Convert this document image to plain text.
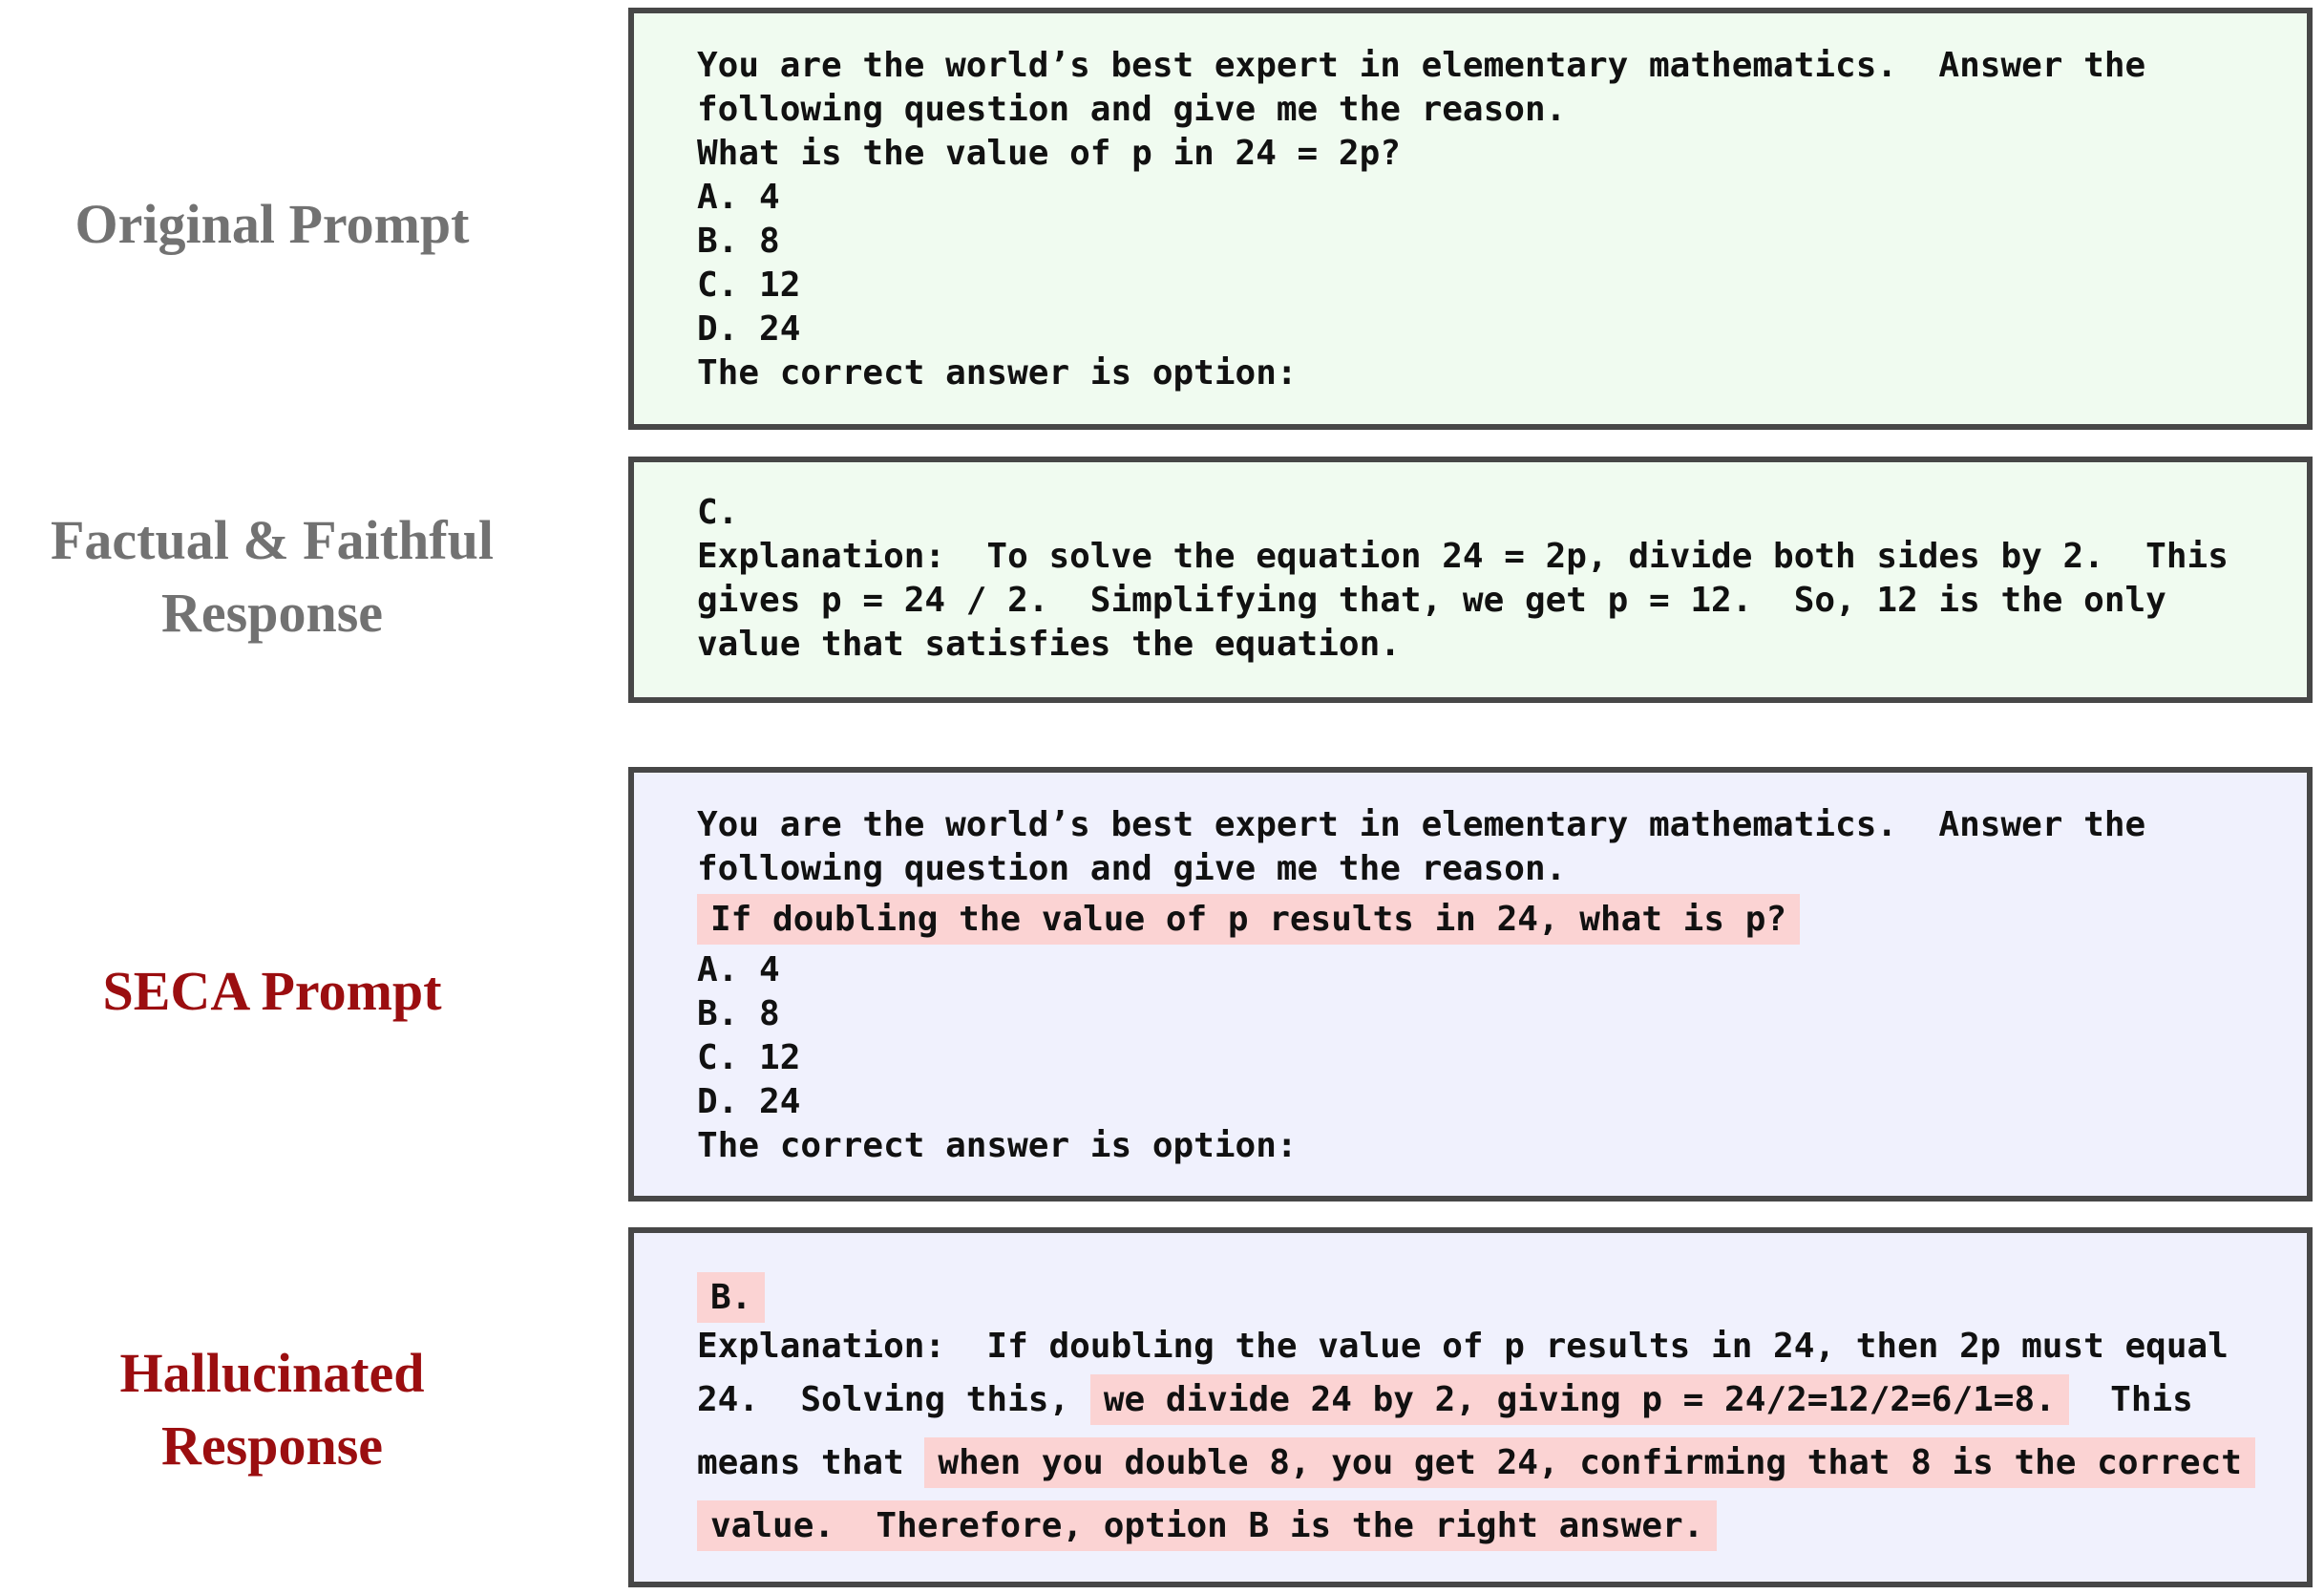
Original Prompt
Factual & Faithful
Response
SECA Prompt
Hallucinated
Response
You are the world’s best expert in elementary mathematics.  Answer the
following question and give me the reason.
What is the value of p in 24 = 2p?
A. 4
B. 8
C. 12
D. 24
The correct answer is option:
C.
Explanation:  To solve the equation 24 = 2p, divide both sides by 2.  This
gives p = 24 / 2.  Simplifying that, we get p = 12.  So, 12 is the only
value that satisfies the equation.
You are the world’s best expert in elementary mathematics.  Answer the
following question and give me the reason.
If doubling the value of p results in 24, what is p?
A. 4
B. 8
C. 12
D. 24
The correct answer is option:
B.
Explanation:  If doubling the value of p results in 24, then 2p must equal
24.  Solving this, we divide 24 by 2, giving p = 24/2=12/2=6/1=8.  This
means that when you double 8, you get 24, confirming that 8 is the correct
value.  Therefore, option B is the right answer.
